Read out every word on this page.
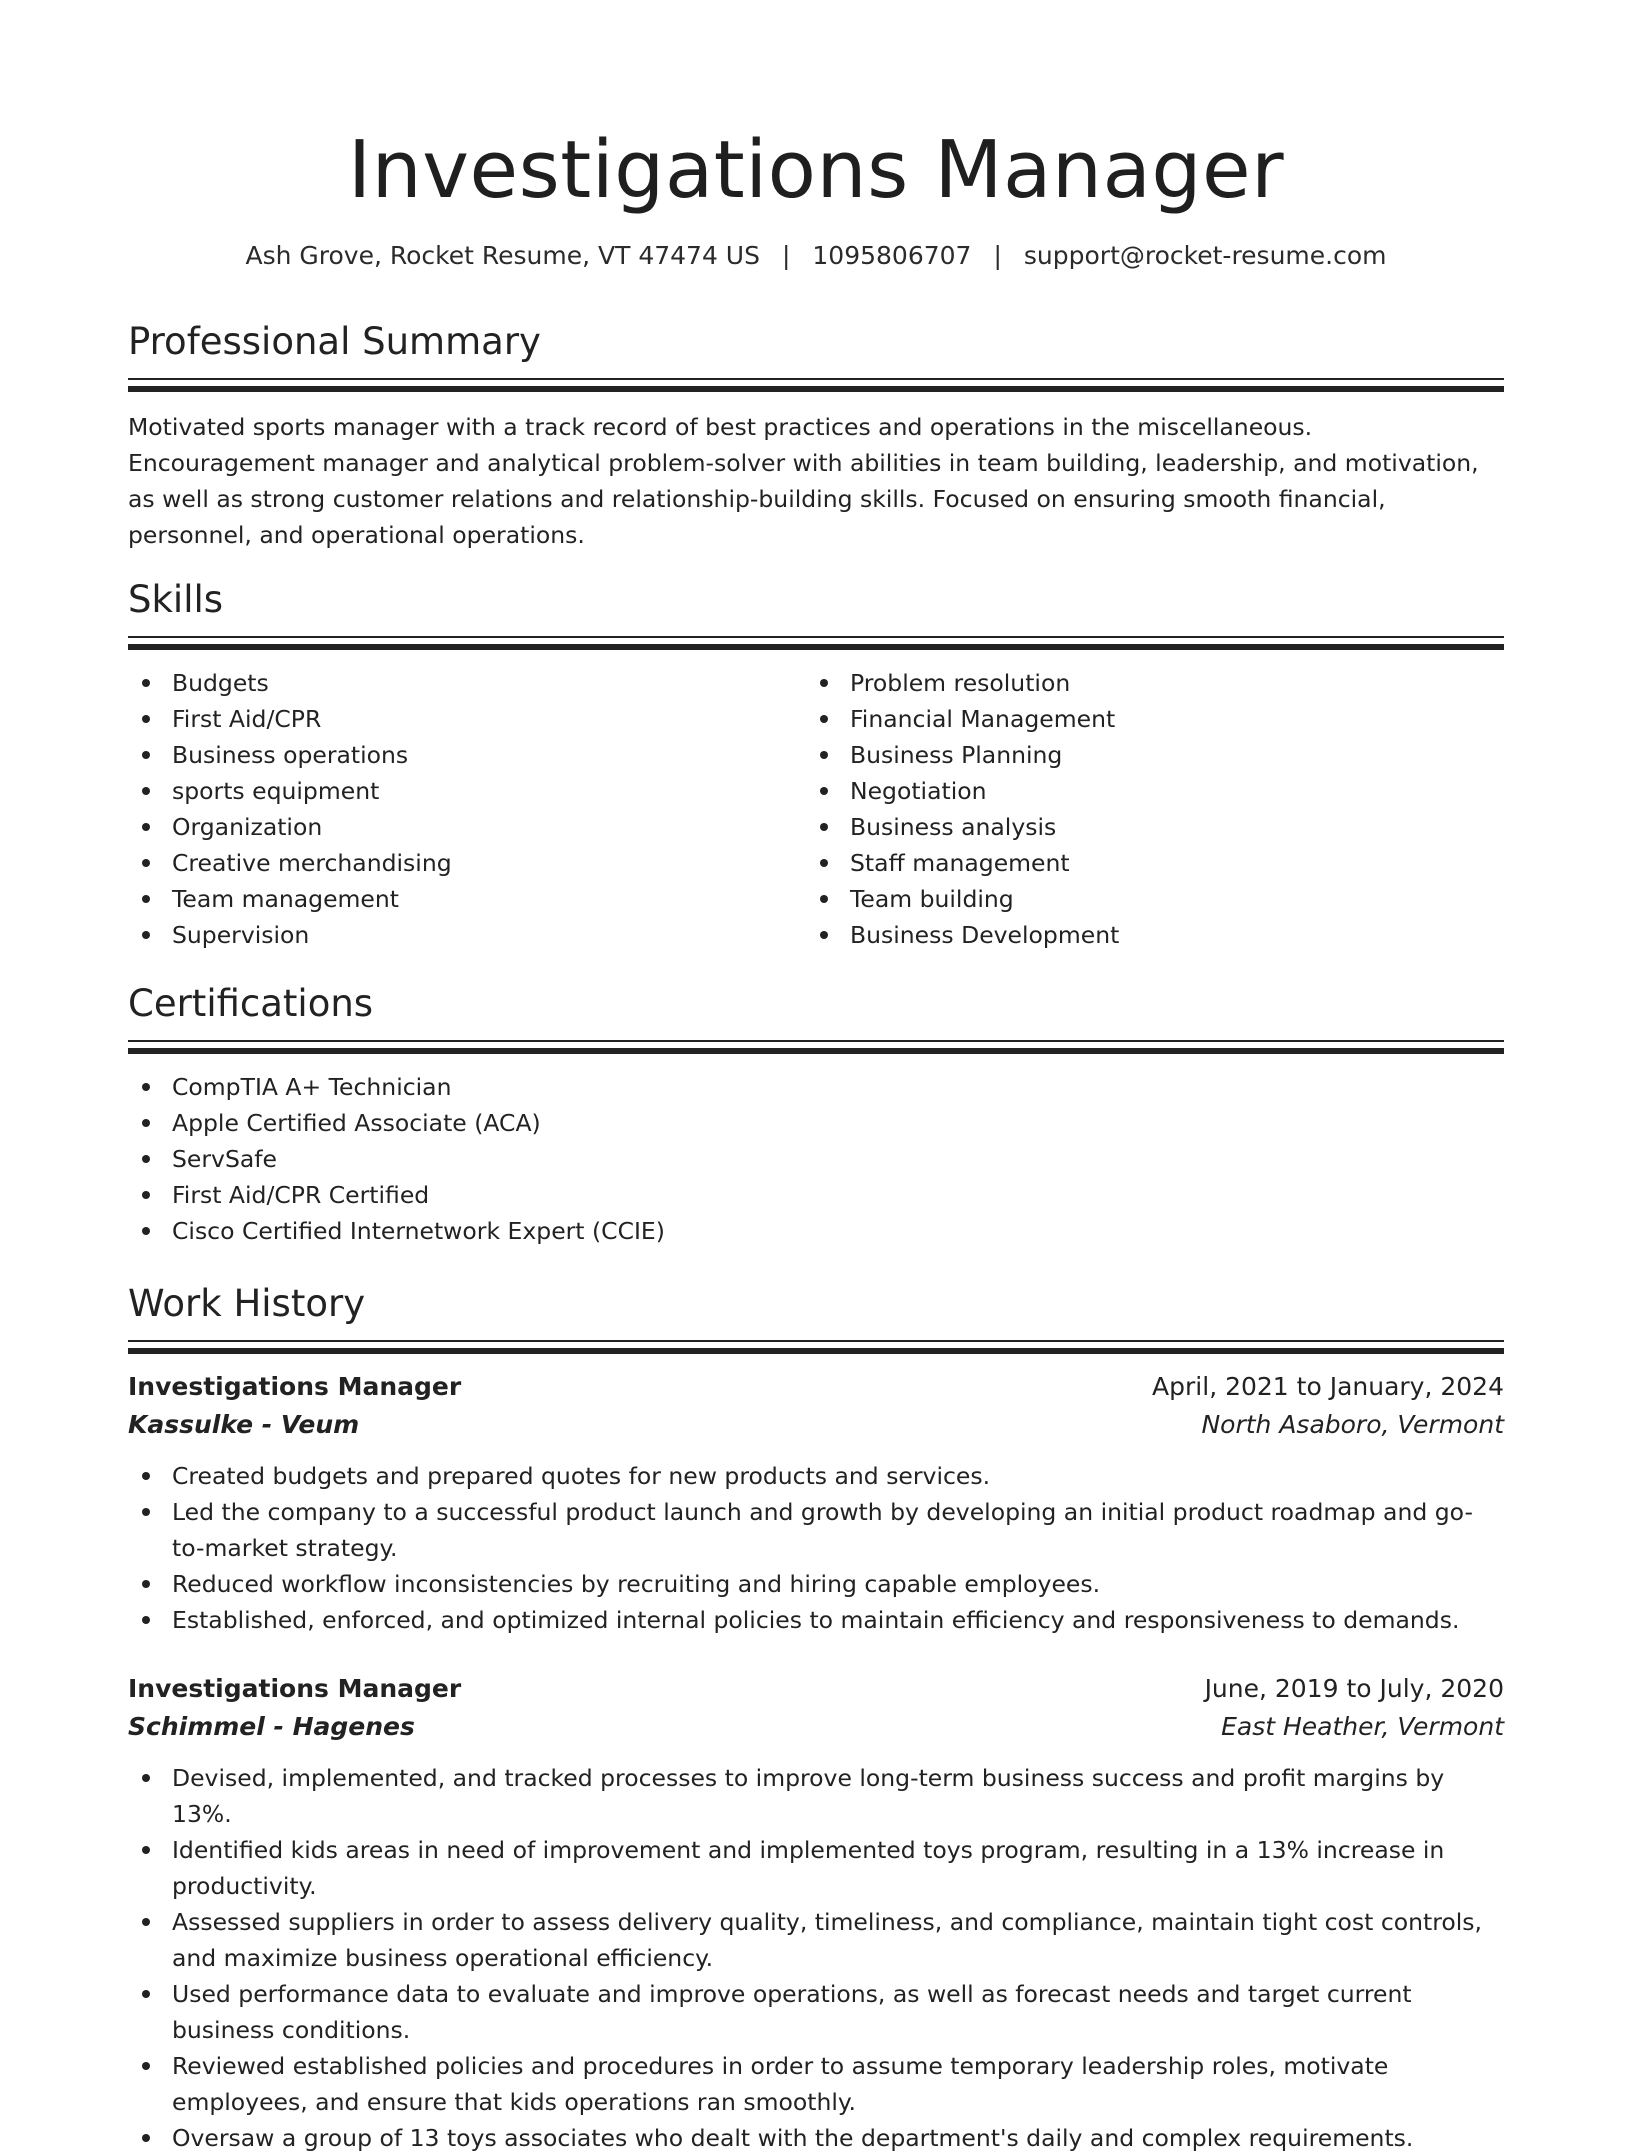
Investigations Manager
Ash Grove, Rocket Resume, VT 47474 US | 1095806707 | support@rocket-resume.com
Professional Summary

Motivated sports manager with a track record of best practices and operations in the miscellaneous. Encouragement manager and analytical problem-solver with abilities in team building, leadership, and motivation, as well as strong customer relations and relationship-building skills. Focused on ensuring smooth financial, personnel, and operational operations.

Skills
Budgets
First Aid/CPR
Business operations
sports equipment
Organization
Creative merchandising
Team management
Supervision
Problem resolution
Financial Management
Business Planning
Negotiation
Business analysis
Staff management
Team building
Business Development
Certifications
CompTIA A+ Technician
Apple Certified Associate (ACA)
ServSafe
First Aid/CPR Certified
Cisco Certified Internetwork Expert (CCIE)
Work History
Investigations Manager	April, 2021 to January, 2024
Kassulke - Veum	North Asaboro, Vermont
Created budgets and prepared quotes for new products and services.
Led the company to a successful product launch and growth by developing an initial product roadmap and go-to-market strategy.
Reduced workflow inconsistencies by recruiting and hiring capable employees.
Established, enforced, and optimized internal policies to maintain efficiency and responsiveness to demands.
Investigations Manager	June, 2019 to July, 2020
Schimmel - Hagenes	East Heather, Vermont
Devised, implemented, and tracked processes to improve long-term business success and profit margins by 13%.
Identified kids areas in need of improvement and implemented toys program, resulting in a 13% increase in productivity.
Assessed suppliers in order to assess delivery quality, timeliness, and compliance, maintain tight cost controls, and maximize business operational efficiency.
Used performance data to evaluate and improve operations, as well as forecast needs and target current business conditions.
Reviewed established policies and procedures in order to assume temporary leadership roles, motivate employees, and ensure that kids operations ran smoothly.
Oversaw a group of 13 toys associates who dealt with the department's daily and complex requirements.
